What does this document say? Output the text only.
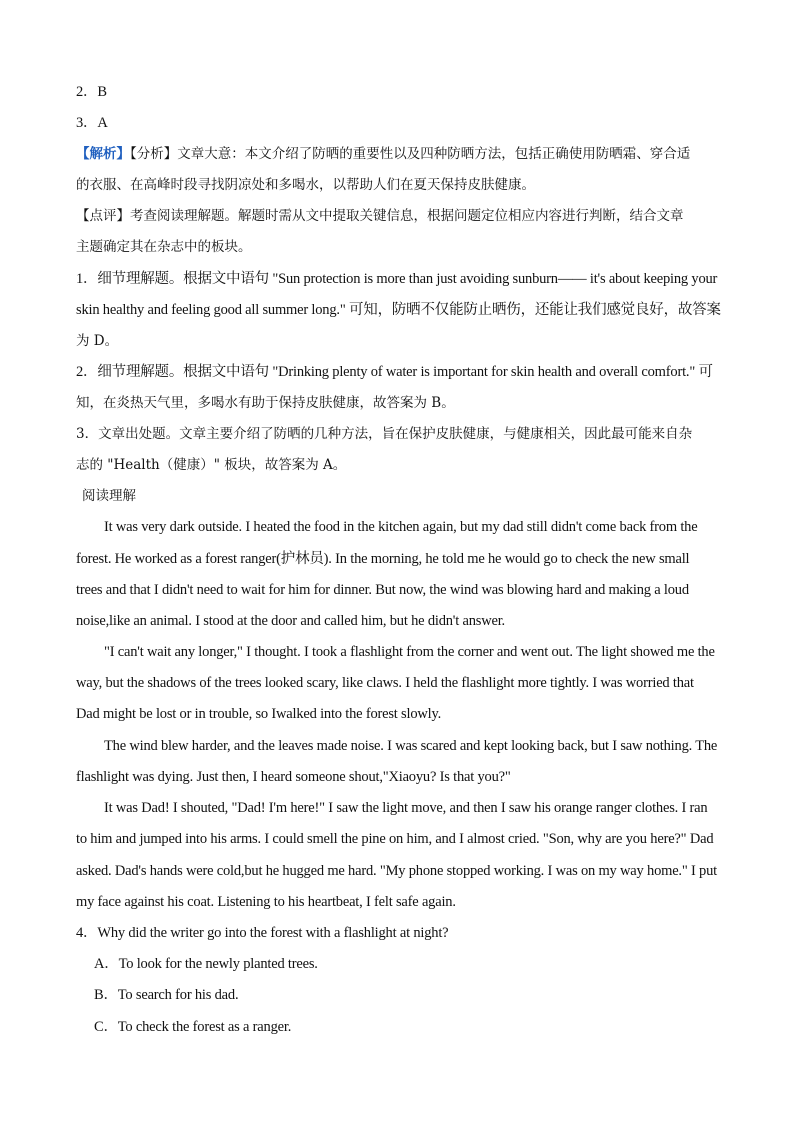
2．B
3．A
【解析】【分析】文章大意：本文介绍了防晒的重要性以及四种防晒方法，包括正确使用防晒霜、穿合适
的衣服、在高峰时段寻找阴凉处和多喝水，以帮助人们在夏天保持皮肤健康。
【点评】考查阅读理解题。解题时需从文中提取关键信息，根据问题定位相应内容进行判断，结合文章
主题确定其在杂志中的板块。
1．细节理解题。根据文中语句 "Sun protection is more than just avoiding sunburn—— it's about keeping your
skin healthy and feeling good all summer long." 可知，防晒不仅能防止晒伤，还能让我们感觉良好，故答案
为 D。
2．细节理解题。根据文中语句 "Drinking plenty of water is important for skin health and overall comfort." 可
知，在炎热天气里，多喝水有助于保持皮肤健康，故答案为 B。
3．文章出处题。文章主要介绍了防晒的几种方法，旨在保护皮肤健康，与健康相关，因此最可能来自杂
志的 "Health（健康）" 板块，故答案为 A。
阅读理解
It was very dark outside. I heated the food in the kitchen again, but my dad still didn't come back from the
forest. He worked as a forest ranger(护林员). In the morning, he told me he would go to check the new small
trees and that I didn't need to wait for him for dinner. But now, the wind was blowing hard and making a loud
noise,like an animal. I stood at the door and called him, but he didn't answer.
"I can't wait any longer," I thought. I took a flashlight from the corner and went out. The light showed me the
way, but the shadows of the trees looked scary, like claws. I held the flashlight more tightly. I was worried that
Dad might be lost or in trouble, so Iwalked into the forest slowly.
The wind blew harder, and the leaves made noise. I was scared and kept looking back, but I saw nothing. The
flashlight was dying. Just then, I heard someone shout,"Xiaoyu? Is that you?"
It was Dad! I shouted, "Dad! I'm here!" I saw the light move, and then I saw his orange ranger clothes. I ran
to him and jumped into his arms. I could smell the pine on him, and I almost cried. "Son, why are you here?" Dad
asked. Dad's hands were cold,but he hugged me hard. "My phone stopped working. I was on my way home." I put
my face against his coat. Listening to his heartbeat, I felt safe again.
4．Why did the writer go into the forest with a flashlight at night?
A．To look for the newly planted trees.
B．To search for his dad.
C．To check the forest as a ranger.
